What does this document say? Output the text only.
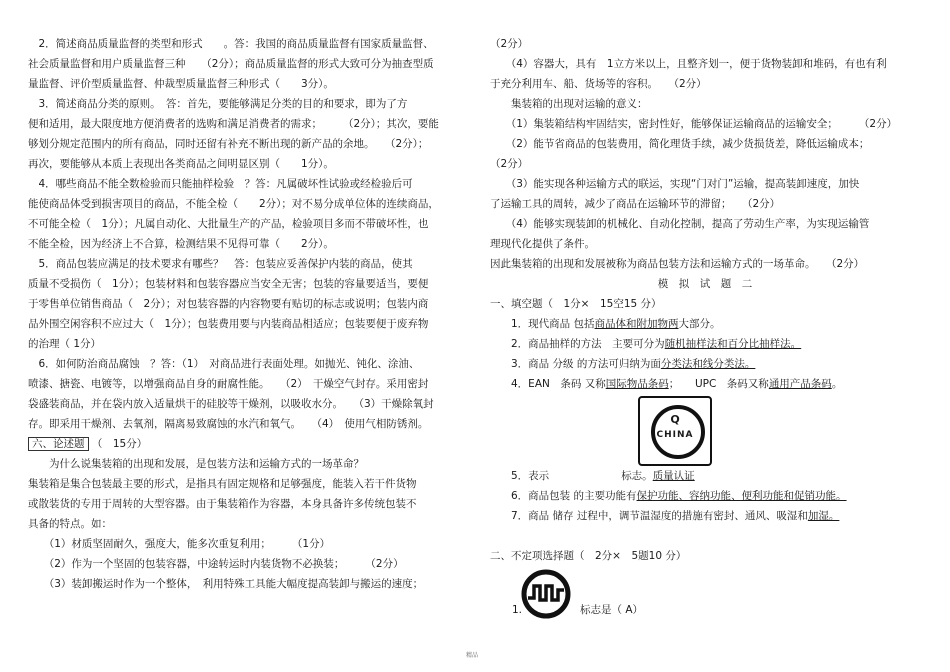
　2．简述商品质量监督的类型和形式　　。答：我国的商品质量监督有国家质量监督、
社会质量监督和用户质量监督三种　　（2分）；商品质量监督的形式大致可分为抽查型质
量监督、评价型质量监督、仲裁型质量监督三种形式（　　3分）。
　3．简述商品分类的原则。　答：首先，要能够满足分类的目的和要求，即为了方
便和适用，最大限度地方便消费者的选购和满足消费者的需求；　　　（2分）；其次，要能
够划分规定范围内的所有商品，同时还留有补充不断出现的新产品的余地。　　（2分）；
再次，要能够从本质上表现出各类商品之间明显区别（　　1分）。
　4．哪些商品不能全数检验而只能抽样检验　？答：凡属破坏性试验或经检验后可
能使商品体受到损害项目的商品，不能全检（　　2分）；对不易分成单位体的连续商品，
不可能全检（　1分）；凡属自动化、大批量生产的产品，检验项目多而不带破坏性，也
不能全检，因为经济上不合算，检测结果不见得可靠（　　2分）。
　5．商品包装应满足的技术要求有哪些？　答：包装应妥善保护内装的商品，使其
质量不受损伤（　1分）；包装材料和包装容器应当安全无害；包装的容量要适当，要便
于零售单位销售商品（　2分）；对包装容器的内容物要有贴切的标志或说明；包装内商
品外围空闲容积不应过大（　1分）；包装费用要与内装商品相适应；包装要便于废弃物
的治理（ 1分）
　6．如何防治商品腐蚀　？答：（1）　对商品进行表面处理。如抛光、钝化、涂油、
喷漆、搪瓷、电镀等，以增强商品自身的耐腐性能。　　（2）　干燥空气封存。采用密封
袋盛装商品，并在袋内放入适量烘干的硅胶等干燥剂，以吸收水分。　　（3）干燥除氧封
存。即采用干燥剂、去氧剂，隔离易致腐蚀的水汽和氧气。　　（4）　使用气相防锈剂。
六、论述题 （　15分）
　　为什么说集装箱的出现和发展，是包装方法和运输方式的一场革命？
集装箱是集合包装最主要的形式，是指具有固定规格和足够强度，能装入若干件货物
或散装货的专用于周转的大型容器。由于集装箱作为容器，本身具备许多传统包装不
具备的特点。如：
　　（1）材质坚固耐久，强度大，能多次重复利用；　　　（1分）
　　（2）作为一个坚固的包装容器，中途转运时内装货物不必换装；　　　（2分）
　　（3）装卸搬运时作为一个整体，　利用特殊工具能大幅度提高装卸与搬运的速度；
（2分）
　　（4）容器大，具有　1立方米以上，且整齐划一，便于货物装卸和堆码，有也有利
于充分利用车、船、货场等的容积。　　（2分）
　　集装箱的出现对运输的意义：
　　（1）集装箱结构牢固结实，密封性好，能够保证运输商品的运输安全；　　　（2分）
　　（2）能节省商品的包装费用，简化理货手续，减少货损货差，降低运输成本；
（2分）
　　（3）能实现各种运输方式的联运，实现“门对门”运输，提高装卸速度，加快
了运输工具的周转，减少了商品在运输环节的滞留；　　（2分）
　　（4）能够实现装卸的机械化、自动化控制，提高了劳动生产率，为实现运输管
理现代化提供了条件。
因此集装箱的出现和发展被称为商品包装方法和运输方式的一场革命。　　（2分）
模　拟　试　题　二
一、填空题（　1分×　15空15 分）
　　1．现代商品 包括商品体和附加物两大部分。
　　2．商品抽样的方法　主要可分为随机抽样法和百分比抽样法。
　　3．商品 分级 的方法可归纳为面分类法和线分类法。
　　4．EAN　条码 又称国际物品条码；　　UPC　条码又称通用产品条码。
Q
CHINA
　　5．表示	标志。质量认证
　　6．商品包装 的主要功能有保护功能、容纳功能、便利功能和促销功能。
　　7．商品 储存 过程中，调节温湿度的措施有密封、通风、吸湿和加湿。
二、不定项选择题（　2分×　5题10 分）
1.	标志是（ A）
精品
